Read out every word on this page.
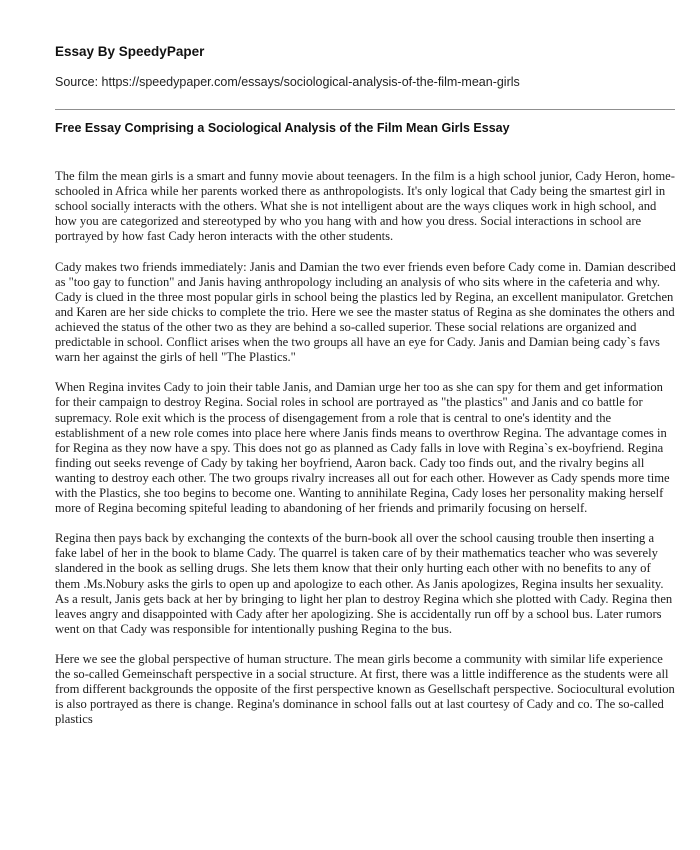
Essay By SpeedyPaper

Source: https://speedypaper.com/essays/sociological-analysis-of-the-film-mean-girls

Free Essay Comprising a Sociological Analysis of the Film Mean Girls Essay

The film the mean girls is a smart and funny movie about teenagers. In the film is a high school junior, Cady Heron, home-schooled in Africa while her parents worked there as anthropologists. It's only logical that Cady being the smartest girl in school socially interacts with the others. What she is not intelligent about are the ways cliques work in high school, and how you are categorized and stereotyped by who you hang with and how you dress. Social interactions in school are portrayed by how fast Cady heron interacts with the other students.

Cady makes two friends immediately: Janis and Damian the two ever friends even before Cady come in. Damian described as "too gay to function" and Janis having anthropology including an analysis of who sits where in the cafeteria and why. Cady is clued in the three most popular girls in school being the plastics led by Regina, an excellent manipulator. Gretchen and Karen are her side chicks to complete the trio. Here we see the master status of Regina as she dominates the others and achieved the status of the other two as they are behind a so-called superior. These social relations are organized and predictable in school. Conflict arises when the two groups all have an eye for Cady. Janis and Damian being cady`s favs warn her against the girls of hell "The Plastics."

When Regina invites Cady to join their table Janis, and Damian urge her too as she can spy for them and get information for their campaign to destroy Regina. Social roles in school are portrayed as "the plastics" and Janis and co battle for supremacy. Role exit which is the process of disengagement from a role that is central to one's identity and the establishment of a new role comes into place here where Janis finds means to overthrow Regina. The advantage comes in for Regina as they now have a spy. This does not go as planned as Cady falls in love with Regina`s ex-boyfriend. Regina finding out seeks revenge of Cady by taking her boyfriend, Aaron back. Cady too finds out, and the rivalry begins all wanting to destroy each other. The two groups rivalry increases all out for each other. However as Cady spends more time with the Plastics, she too begins to become one. Wanting to annihilate Regina, Cady loses her personality making herself more of Regina becoming spiteful leading to abandoning of her friends and primarily focusing on herself.

Regina then pays back by exchanging the contexts of the burn-book all over the school causing trouble then inserting a fake label of her in the book to blame Cady. The quarrel is taken care of by their mathematics teacher who was severely slandered in the book as selling drugs. She lets them know that their only hurting each other with no benefits to any of them .Ms.Nobury asks the girls to open up and apologize to each other. As Janis apologizes, Regina insults her sexuality. As a result, Janis gets back at her by bringing to light her plan to destroy Regina which she plotted with Cady. Regina then leaves angry and disappointed with Cady after her apologizing. She is accidentally run off by a school bus. Later rumors went on that Cady was responsible for intentionally pushing Regina to the bus.

Here we see the global perspective of human structure. The mean girls become a community with similar life experience the so-called Gemeinschaft perspective in a social structure. At first, there was a little indifference as the students were all from different backgrounds the opposite of the first perspective known as Gesellschaft perspective. Sociocultural evolution is also portrayed as there is change. Regina's dominance in school falls out at last courtesy of Cady and co. The so-called plastics
